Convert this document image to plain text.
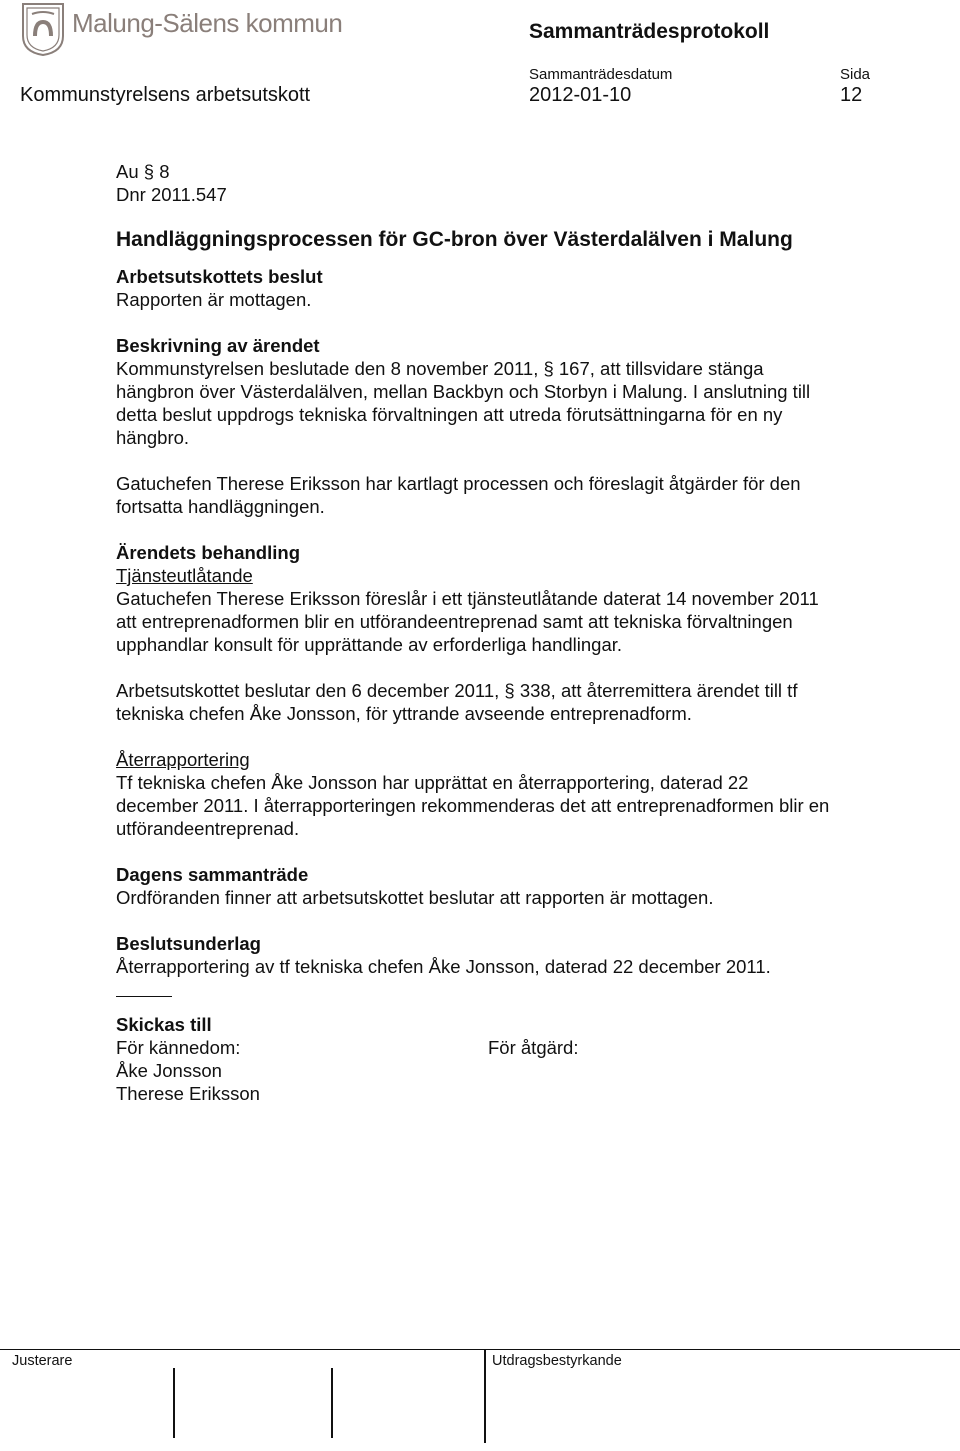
Malung-Sälens kommun	Sammanträdesprotokoll
Sammanträdesdatum	Sida
Kommunstyrelsens arbetsutskott	2012-01-10	12

Au § 8

Dnr 2011.547

Handläggningsprocessen för GC-bron över Västerdalälven i Malung

Arbetsutskottets beslut

Rapporten är mottagen.

Beskrivning av ärendet

Kommunstyrelsen beslutade den 8 november 2011, § 167, att tillsvidare stänga

hängbron över Västerdalälven, mellan Backbyn och Storbyn i Malung. I anslutning till

detta beslut uppdrogs tekniska förvaltningen att utreda förutsättningarna för en ny

hängbro.

Gatuchefen Therese Eriksson har kartlagt processen och föreslagit åtgärder för den

fortsatta handläggningen.

Ärendets behandling

Tjänsteutlåtande

Gatuchefen Therese Eriksson föreslår i ett tjänsteutlåtande daterat 14 november 2011

att entreprenadformen blir en utförandeentreprenad samt att tekniska förvaltningen

upphandlar konsult för upprättande av erforderliga handlingar.

Arbetsutskottet beslutar den 6 december 2011, § 338, att återremittera ärendet till tf

tekniska chefen Åke Jonsson, för yttrande avseende entreprenadform.

Återrapportering

Tf tekniska chefen Åke Jonsson har upprättat en återrapportering, daterad 22

december 2011. I återrapporteringen rekommenderas det att entreprenadformen blir en

utförandeentreprenad.

Dagens sammanträde

Ordföranden finner att arbetsutskottet beslutar att rapporten är mottagen.

Beslutsunderlag

Återrapportering av tf tekniska chefen Åke Jonsson, daterad 22 december 2011.

Skickas till

För kännedom:	För åtgärd:

Åke Jonsson

Therese Eriksson

Justerare	Utdragsbestyrkande
